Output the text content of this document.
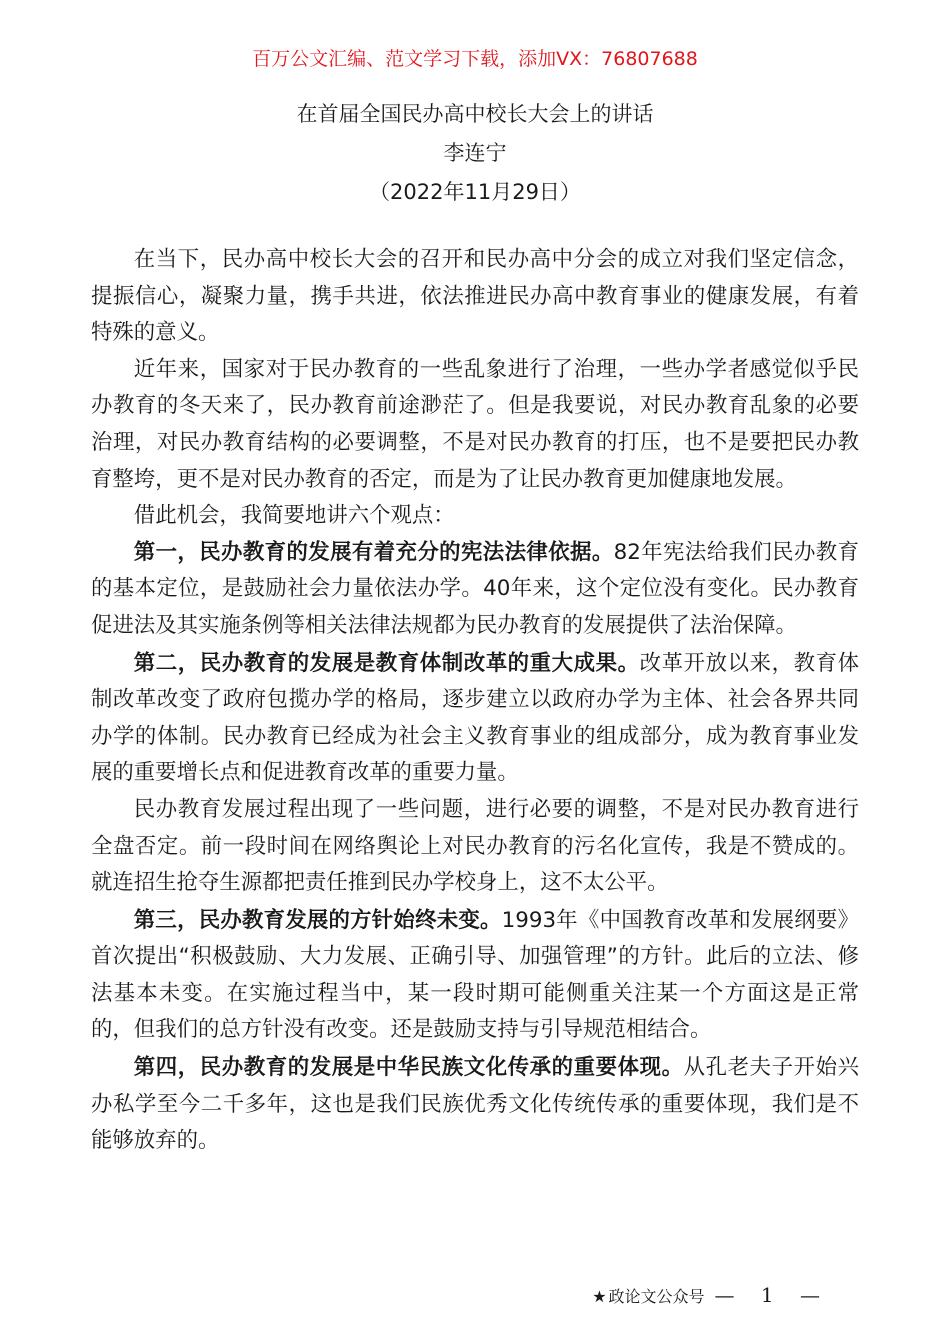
百万公文汇编、范文学习下载，添加VX：76807688
在首届全国民办高中校长大会上的讲话
李连宁
（2022年11月29日）

在当下，民办高中校长大会的召开和民办高中分会的成立对我们坚定信念，提振信心，凝聚力量，携手共进，依法推进民办高中教育事业的健康发展，有着特殊的意义。

近年来，国家对于民办教育的一些乱象进行了治理，一些办学者感觉似乎民办教育的冬天来了，民办教育前途渺茫了。但是我要说，对民办教育乱象的必要治理，对民办教育结构的必要调整，不是对民办教育的打压，也不是要把民办教育整垮，更不是对民办教育的否定，而是为了让民办教育更加健康地发展。

借此机会，我简要地讲六个观点：

第一，民办教育的发展有着充分的宪法法律依据。82年宪法给我们民办教育的基本定位，是鼓励社会力量依法办学。40年来，这个定位没有变化。民办教育促进法及其实施条例等相关法律法规都为民办教育的发展提供了法治保障。

第二，民办教育的发展是教育体制改革的重大成果。改革开放以来，教育体制改革改变了政府包揽办学的格局，逐步建立以政府办学为主体、社会各界共同办学的体制。民办教育已经成为社会主义教育事业的组成部分，成为教育事业发展的重要增长点和促进教育改革的重要力量。

民办教育发展过程出现了一些问题，进行必要的调整，不是对民办教育进行全盘否定。前一段时间在网络舆论上对民办教育的污名化宣传，我是不赞成的。就连招生抢夺生源都把责任推到民办学校身上，这不太公平。

第三，民办教育发展的方针始终未变。1993年《中国教育改革和发展纲要》首次提出“积极鼓励、大力发展、正确引导、加强管理”的方针。此后的立法、修法基本未变。在实施过程当中，某一段时期可能侧重关注某一个方面这是正常的，但我们的总方针没有改变。还是鼓励支持与引导规范相结合。

第四，民办教育的发展是中华民族文化传承的重要体现。从孔老夫子开始兴办私学至今二千多年，这也是我们民族优秀文化传统传承的重要体现，我们是不能够放弃的。

★ 政论文公众号 — 1 —
